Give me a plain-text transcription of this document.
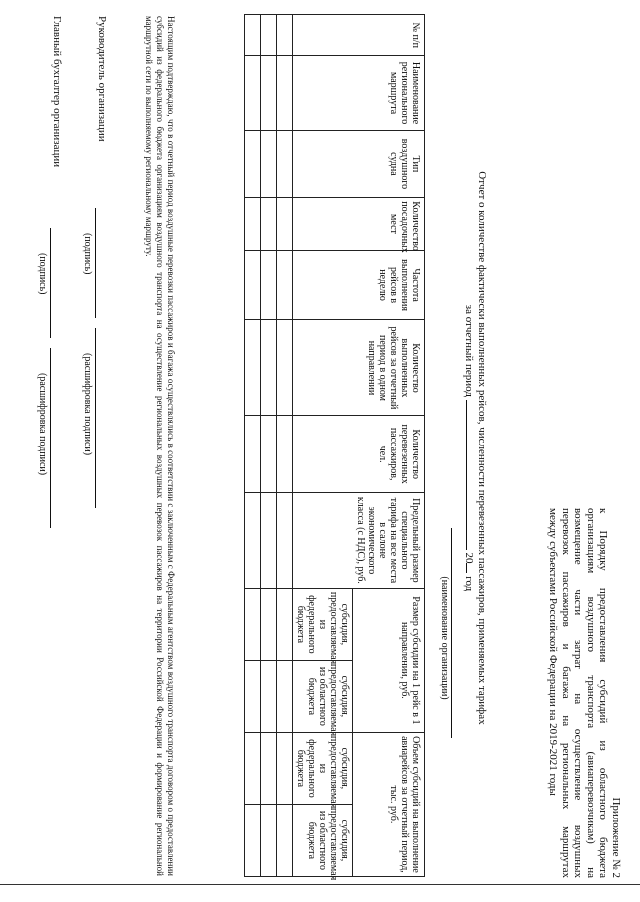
Приложение № 2
к Порядку предоставления субсидий из областного бюджета
организациям воздушного транспорта (авиаперевозчикам) на
возмещение части затрат на осуществление воздушных
перевозок пассажиров и багажа на региональных маршрутах
между субъектами Российской Федерации на 2019-2021 годы
Отчет о количестве фактически выполненных рейсов, численности перевезенных пассажиров, применяемых тарифах
за отчетный период  20 год
(наименование организации)
№ п/п	Наименование регионального маршрута	Тип воздушного судна	Количество посадочных мест	Частота выполнения рейсов в неделю	Количество выполненных рейсов за отчетный период в одном направлении	Количество перевезенных пассажиров, чел.	Предельный размер специального тарифа на все места в салоне экономического класса (с НДС), руб.	Размер субсидии на 1 рейс в 1 направлении, руб.		Объем субсидий на выполнение авиарейсов за отчетный период, тыс. руб.	
								субсидия, предоставляемая из федерального бюджета	субсидия, предоставляемая из областного бюджета	субсидия, предоставляемая из федерального бюджета	субсидия, предоставляемая из областного бюджета

Настоящим подтверждаю, что в отчетный период воздушные перевозки пассажиров и багажа осуществлялись в соответствии с заключенным с Федеральным агентством воздушного транспорта договором о предоставлении субсидий из федерального бюджета организациям воздушного транспорта на осуществление региональных воздушных перевозок пассажиров на территории Российской Федерации и формирование региональной маршрутной сети по выполняемому региональному маршруту.
Руководитель организации
(подпись)
(расшифровка подписи)
Главный бухгалтер организации
(подпись)
(расшифровка подписи)
